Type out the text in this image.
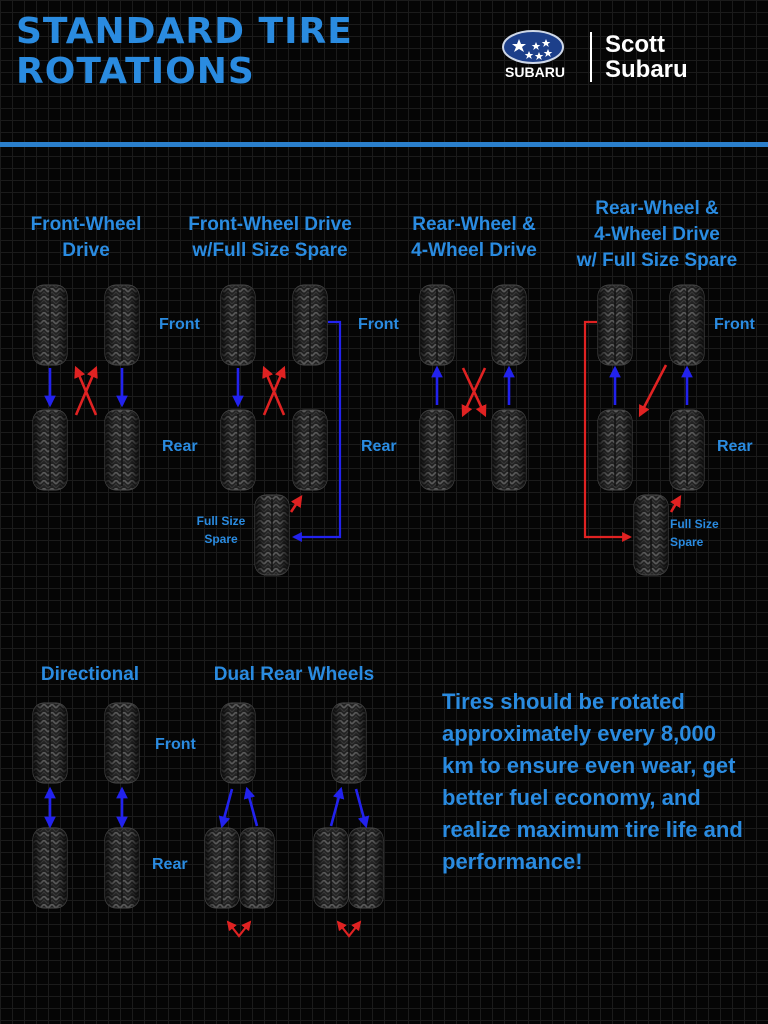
STANDARD TIRE
ROTATIONS	SUBARU
Scott
Subaru
Front-Wheel
Drive
Front-Wheel Drive
w/Full Size Spare
Rear-Wheel &
4-Wheel Drive
Rear-Wheel &
4-Wheel Drive
w/ Full Size Spare
Directional	Dual Rear Wheels
Front
Rear
Front
Rear
Front
Rear
Front
Rear
Full Size
Spare
Full Size
Spare

Tires should be rotated approximately every 8,000 km to ensure even wear, get better fuel economy, and realize maximum tire life and performance!
